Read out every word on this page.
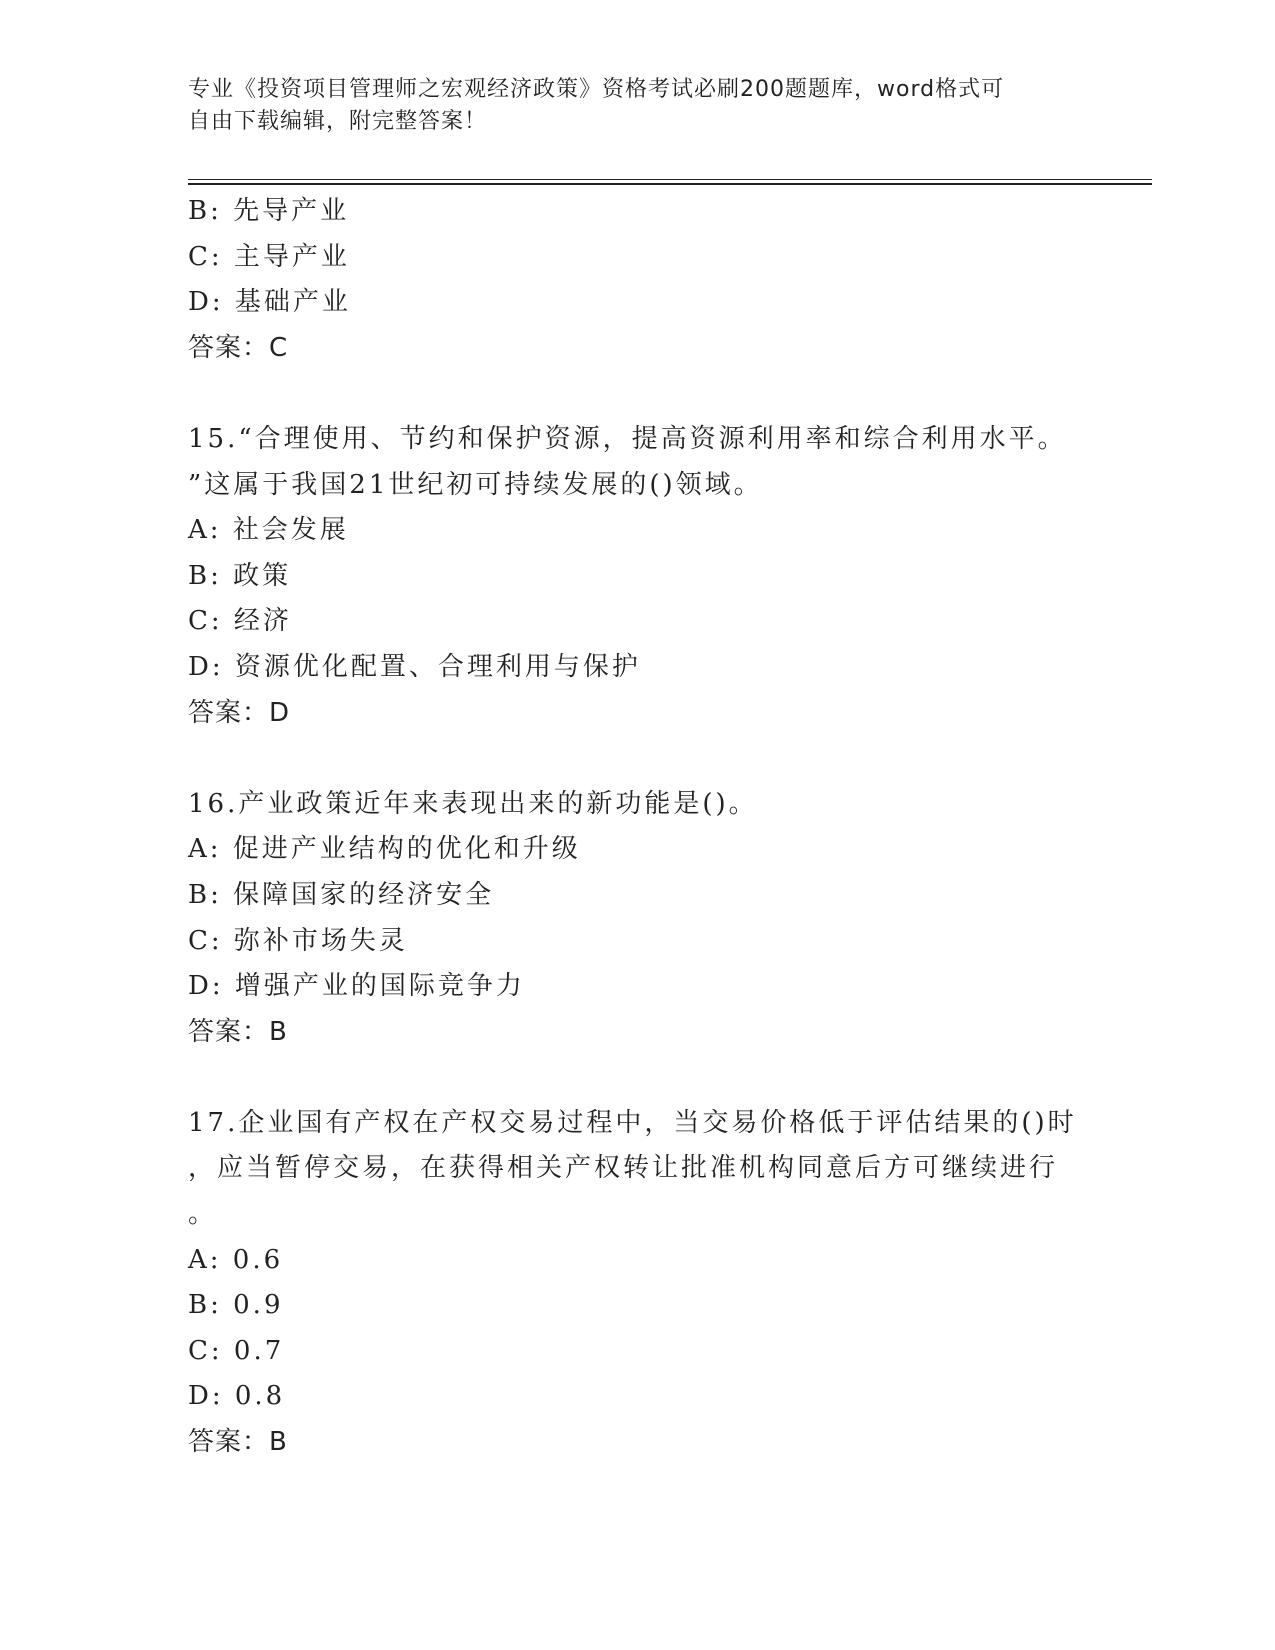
专业《投资项目管理师之宏观经济政策》资格考试必刷200题题库，word格式可
自由下载编辑，附完整答案！
B: 先导产业
C: 主导产业
D: 基础产业
答案：C
15.“合理使用、节约和保护资源，提高资源利用率和综合利用水平。
”这属于我国21世纪初可持续发展的()领域。
A: 社会发展
B: 政策
C: 经济
D: 资源优化配置、合理利用与保护
答案：D
16.产业政策近年来表现出来的新功能是()。
A: 促进产业结构的优化和升级
B: 保障国家的经济安全
C: 弥补市场失灵
D: 增强产业的国际竞争力
答案：B
17.企业国有产权在产权交易过程中，当交易价格低于评估结果的()时
，应当暂停交易，在获得相关产权转让批准机构同意后方可继续进行
。
A: 0.6
B: 0.9
C: 0.7
D: 0.8
答案：B
